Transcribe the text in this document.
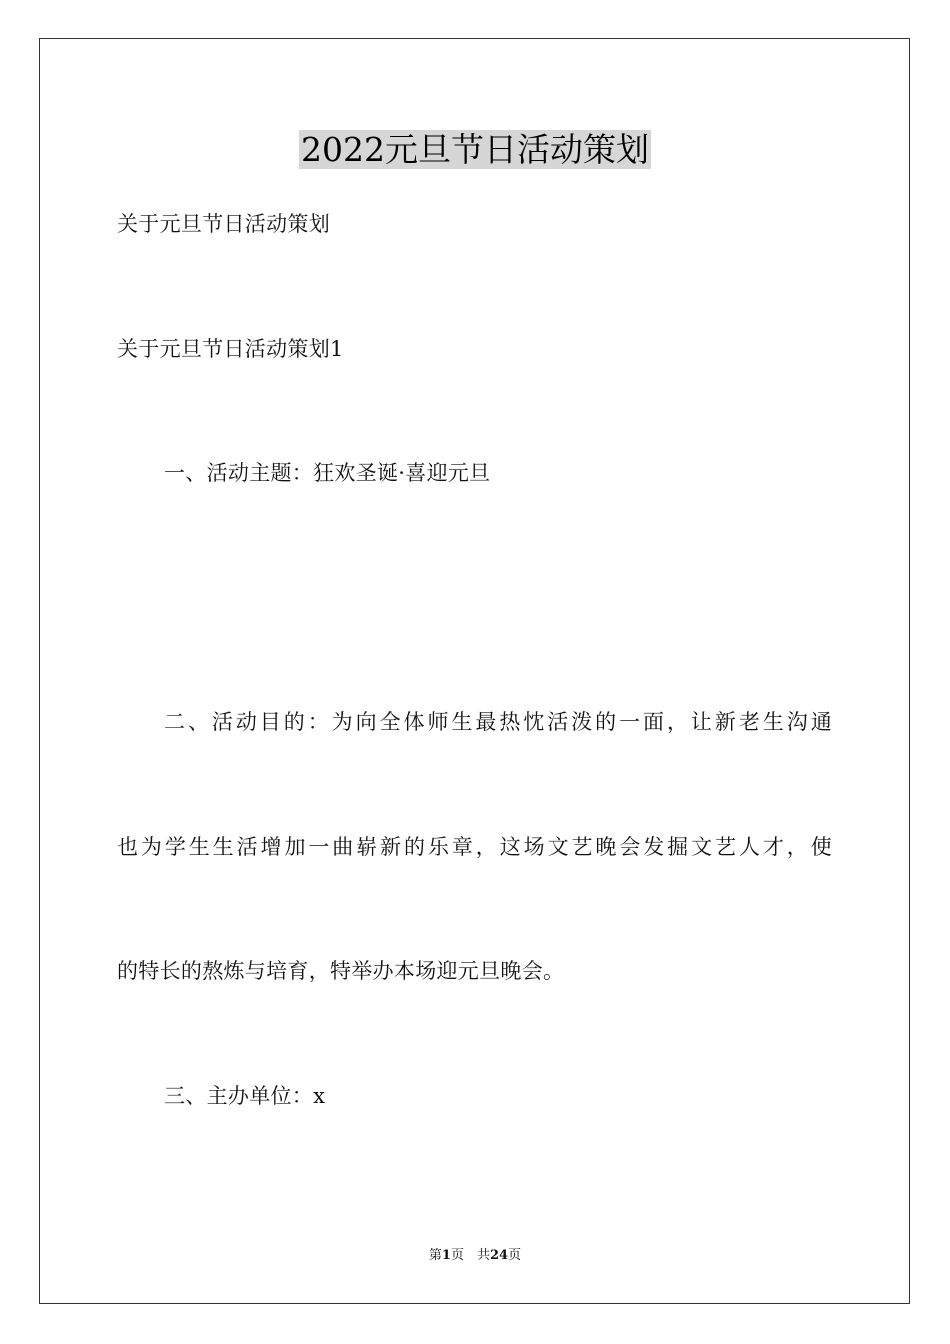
2022元旦节日活动策划
关于元旦节日活动策划
关于元旦节日活动策划1
一、活动主题：狂欢圣诞·喜迎元旦
二、活动目的：为向全体师生最热忱活泼的一面，让新老生沟通
也为学生生活增加一曲崭新的乐章，这场文艺晚会发掘文艺人才，使
的特长的熬炼与培育，特举办本场迎元旦晚会。
三、主办单位：x
第1页　共24页
